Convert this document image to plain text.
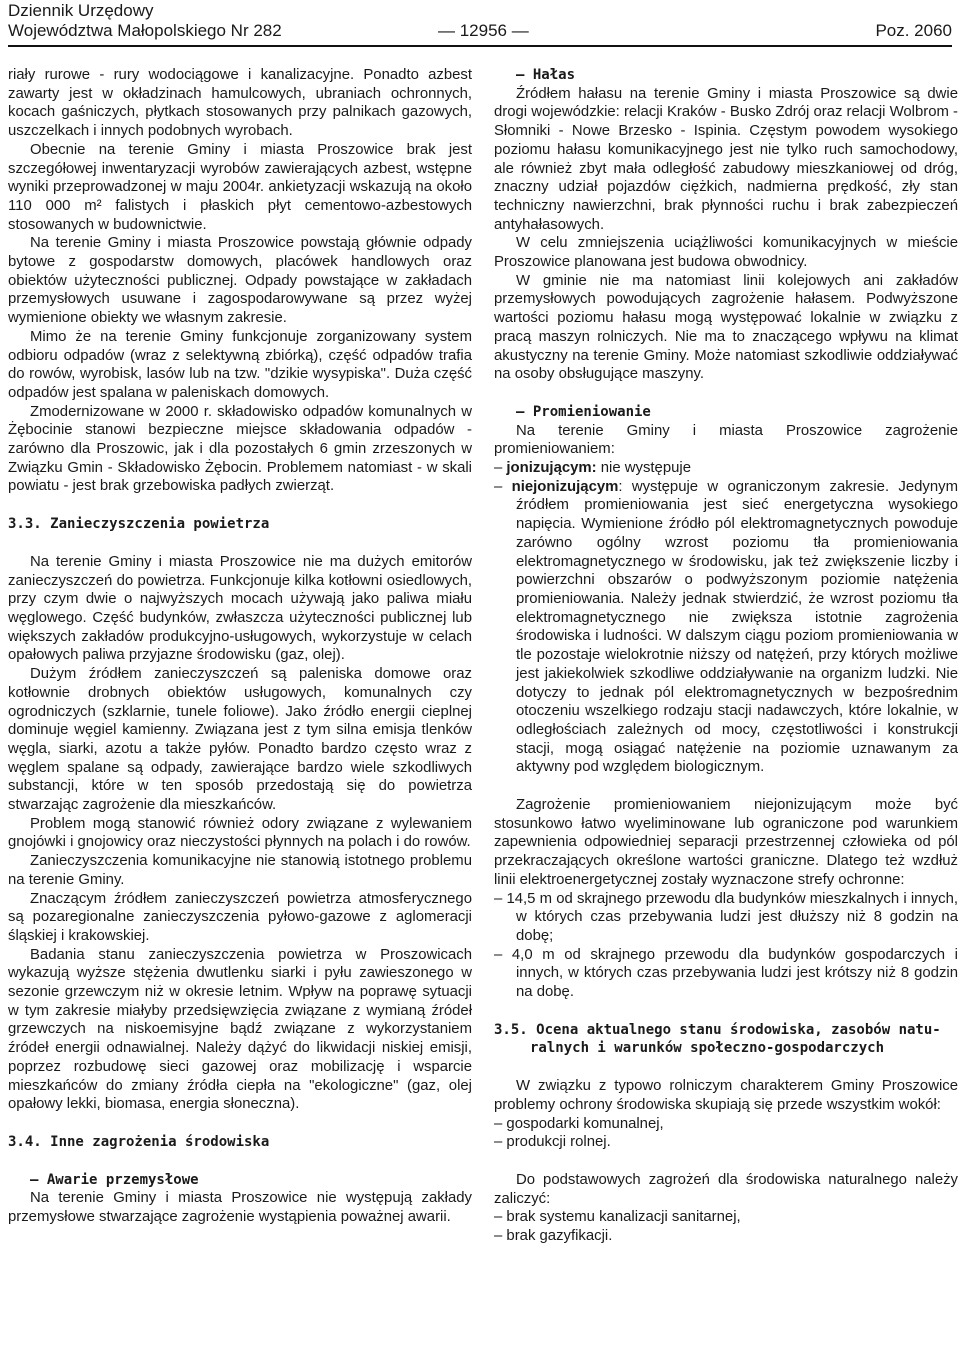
Dziennik Urzędowy
Województwa Małopolskiego Nr 282	— 12956 —	Poz. 2060

riały rurowe - rury wodociągowe i kanalizacyjne. Ponadto azbest zawarty jest w okładzinach hamulcowych, ubraniach ochronnych, kocach gaśniczych, płytkach stosowanych przy palnikach gazowych, uszczelkach i innych podobnych wyrobach.

Obecnie na terenie Gminy i miasta Proszowice brak jest szczegółowej inwentaryzacji wyrobów zawierających azbest, wstępne wyniki przeprowadzonej w maju 2004r. ankietyzacji wskazują na około 110 000 m² falistych i płaskich płyt cementowo-azbestowych stosowanych w budownictwie.

Na terenie Gminy i miasta Proszowice powstają głównie odpady bytowe z gospodarstw domowych, placówek handlowych oraz obiektów użyteczności publicznej. Odpady powstające w zakładach przemysłowych usuwane i zagospodarowywane są przez wyżej wymienione obiekty we własnym zakresie.

Mimo że na terenie Gminy funkcjonuje zorganizowany system odbioru odpadów (wraz z selektywną zbiórką), część odpadów trafia do rowów, wyrobisk, lasów lub na tzw. "dzikie wysypiska". Duża część odpadów jest spalana w paleniskach domowych.

Zmodernizowane w 2000 r. składowisko odpadów komunalnych w Żębocinie stanowi bezpieczne miejsce składowania odpadów - zarówno dla Proszowic, jak i dla pozostałych 6 gmin zrzeszonych w Związku Gmin - Składowisko Żębocin. Problemem natomiast - w skali powiatu - jest brak grzebowiska padłych zwierząt.

3.3. Zanieczyszczenia powietrza

Na terenie Gminy i miasta Proszowice nie ma dużych emitorów zanieczyszczeń do powietrza. Funkcjonuje kilka kotłowni osiedlowych, przy czym dwie o najwyższych mocach używają jako paliwa miału węglowego. Część budynków, zwłaszcza użyteczności publicznej lub większych zakładów produkcyjno-usługowych, wykorzystuje w celach opałowych paliwa przyjazne środowisku (gaz, olej).

Dużym źródłem zanieczyszczeń są paleniska domowe oraz kotłownie drobnych obiektów usługowych, komunalnych czy ogrodniczych (szklarnie, tunele foliowe). Jako źródło energii cieplnej dominuje węgiel kamienny. Związana jest z tym silna emisja tlenków węgla, siarki, azotu a także pyłów. Ponadto bardzo często wraz z węglem spalane są odpady, zawierające bardzo wiele szkodliwych substancji, które w ten sposób przedostają się do powietrza stwarzając zagrożenie dla mieszkańców.

Problem mogą stanowić również odory związane z wylewaniem gnojówki i gnojowicy oraz nieczystości płynnych na polach i do rowów.

Zanieczyszczenia komunikacyjne nie stanowią istotnego problemu na terenie Gminy.

Znaczącym źródłem zanieczyszczeń powietrza atmosferycznego są pozaregionalne zanieczyszczenia pyłowo-gazowe z aglomeracji śląskiej i krakowskiej.

Badania stanu zanieczyszczenia powietrza w Proszowicach wykazują wyższe stężenia dwutlenku siarki i pyłu zawieszonego w sezonie grzewczym niż w okresie letnim. Wpływ na poprawę sytuacji w tym zakresie miałyby przedsięwzięcia związane z wymianą źródeł grzewczych na niskoemisyjne bądź związane z wykorzystaniem źródeł energii odnawialnej. Należy dążyć do likwidacji niskiej emisji, poprzez rozbudowę sieci gazowej oraz mobilizację i wsparcie mieszkańców do zmiany źródła ciepła na "ekologiczne" (gaz, olej opałowy lekki, biomasa, energia słoneczna).

3.4. Inne zagrożenia środowiska

– Awarie przemysłowe

Na terenie Gminy i miasta Proszowice nie występują zakłady przemysłowe stwarzające zagrożenie wystąpienia poważnej awarii.

– Hałas

Źródłem hałasu na terenie Gminy i miasta Proszowice są dwie drogi wojewódzkie: relacji Kraków - Busko Zdrój oraz relacji Wolbrom - Słomniki - Nowe Brzesko - Ispinia. Częstym powodem wysokiego poziomu hałasu komunikacyjnego jest nie tylko ruch samochodowy, ale również zbyt mała odległość zabudowy mieszkaniowej od dróg, znaczny udział pojazdów ciężkich, nadmierna prędkość, zły stan techniczny nawierzchni, brak płynności ruchu i brak zabezpieczeń antyhałasowych.

W celu zmniejszenia uciążliwości komunikacyjnych w mieście Proszowice planowana jest budowa obwodnicy.

W gminie nie ma natomiast linii kolejowych ani zakładów przemysłowych powodujących zagrożenie hałasem. Podwyższone wartości poziomu hałasu mogą występować lokalnie w związku z pracą maszyn rolniczych. Nie ma to znaczącego wpływu na klimat akustyczny na terenie Gminy. Może natomiast szkodliwie oddziaływać na osoby obsługujące maszyny.

– Promieniowanie

Na terenie Gminy i miasta Proszowice zagrożenie promieniowaniem:

– jonizującym: nie występuje

– niejonizującym: występuje w ograniczonym zakresie. Jedynym źródłem promieniowania jest sieć energetyczna wysokiego napięcia. Wymienione źródło pól elektromagnetycznych powoduje zarówno ogólny wzrost poziomu tła promieniowania elektromagnetycznego w środowisku, jak też zwiększenie liczby i powierzchni obszarów o podwyższonym poziomie natężenia promieniowania. Należy jednak stwierdzić, że wzrost poziomu tła elektromagnetycznego nie zwiększa istotnie zagrożenia środowiska i ludności. W dalszym ciągu poziom promieniowania w tle pozostaje wielokrotnie niższy od natężeń, przy których możliwe jest jakiekolwiek szkodliwe oddziaływanie na organizm ludzki. Nie dotyczy to jednak pól elektromagnetycznych w bezpośrednim otoczeniu wszelkiego rodzaju stacji nadawczych, które lokalnie, w odległościach zależnych od mocy, częstotliwości i konstrukcji stacji, mogą osiągać natężenie na poziomie uznawanym za aktywny pod względem biologicznym.

Zagrożenie promieniowaniem niejonizującym może być stosunkowo łatwo wyeliminowane lub ograniczone pod warunkiem zapewnienia odpowiedniej separacji przestrzennej człowieka od pól przekraczających określone wartości graniczne. Dlatego też wzdłuż linii elektroenergetycznej zostały wyznaczone strefy ochronne:

– 14,5 m od skrajnego przewodu dla budynków mieszkalnych i innych, w których czas przebywania ludzi jest dłuższy niż 8 godzin na dobę;

– 4,0 m od skrajnego przewodu dla budynków gospodarczych i innych, w których czas przebywania ludzi jest krótszy niż 8 godzin na dobę.

3.5. Ocena aktualnego stanu środowiska, zasobów natu-

ralnych i warunków społeczno-gospodarczych

W związku z typowo rolniczym charakterem Gminy Proszowice problemy ochrony środowiska skupiają się przede wszystkim wokół:

– gospodarki komunalnej,

– produkcji rolnej.

Do podstawowych zagrożeń dla środowiska naturalnego należy zaliczyć:

– brak systemu kanalizacji sanitarnej,

– brak gazyfikacji.
